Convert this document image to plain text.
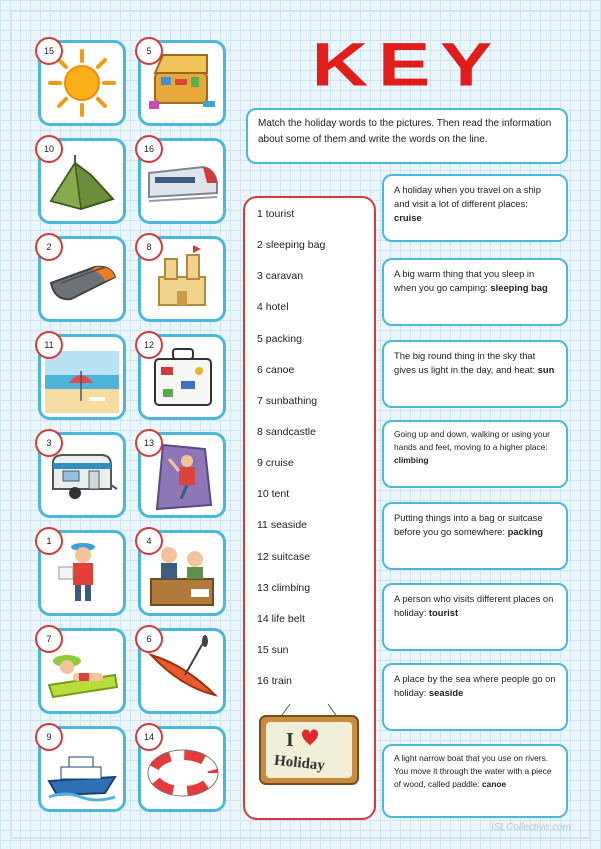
15	5
10	16
2	8
11	12
3	13
1	4
7	6
9	14
KEY
Match the holiday words to the pictures. Then read the information about some of them and write the words on the line.
1 tourist
2 sleeping bag
3 caravan
4 hotel
5 packing
6 canoe
7 sunbathing
8 sandcastle
9 cruise
10 tent
11 seaside
12 suitcase
13 climbing
14 life belt
15 sun
16 train
I
Holiday
A holiday when you travel on a ship and visit a lot of different places: cruise
A big warm thing that you sleep in when you go camping: sleeping bag
The big round thing in the sky that gives us light in the day, and heat: sun
Going up and down, walking or using your hands and feet, moving to a higher place: climbing
Putting things into a bag or suitcase before you go somewhere: packing
A person who visits different places on holiday: tourist
A place by the sea where people go on holiday: seaside
A light narrow boat that you use on rivers. You move it through the water with a piece of wood, called paddle: canoe
iSLCollective.com
